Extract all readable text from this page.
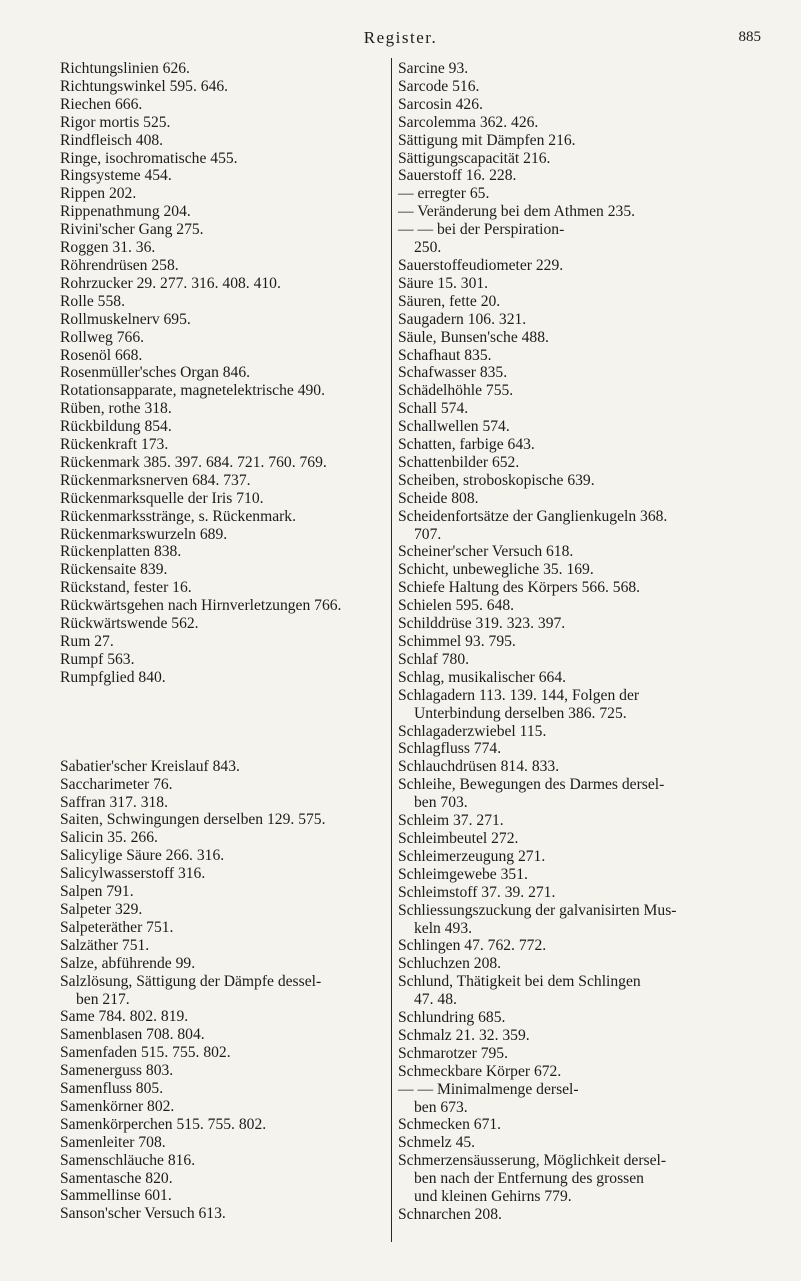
Register.	885
Richtungslinien 626.
Richtungswinkel 595. 646.
Riechen 666.
Rigor mortis 525.
Rindfleisch 408.
Ringe, isochromatische 455.
Ringsysteme 454.
Rippen 202.
Rippenathmung 204.
Rivini'scher Gang 275.
Roggen 31. 36.
Röhrendrüsen 258.
Rohrzucker 29. 277. 316. 408. 410.
Rolle 558.
Rollmuskelnerv 695.
Rollweg 766.
Rosenöl 668.
Rosenmüller'sches Organ 846.
Rotationsapparate, magnetelektrische 490.
Rüben, rothe 318.
Rückbildung 854.
Rückenkraft 173.
Rückenmark 385. 397. 684. 721. 760. 769.
Rückenmarksnerven 684. 737.
Rückenmarksquelle der Iris 710.
Rückenmarksstränge, s. Rückenmark.
Rückenmarkswurzeln 689.
Rückenplatten 838.
Rückensaite 839.
Rückstand, fester 16.
Rückwärtsgehen nach Hirnverletzungen 766.
Rückwärtswende 562.
Rum 27.
Rumpf 563.
Rumpfglied 840.
Sabatier'scher Kreislauf 843.
Saccharimeter 76.
Saffran 317. 318.
Saiten, Schwingungen derselben 129. 575.
Salicin 35. 266.
Salicylige Säure 266. 316.
Salicylwasserstoff 316.
Salpen 791.
Salpeter 329.
Salpeteräther 751.
Salzäther 751.
Salze, abführende 99.
Salzlösung, Sättigung der Dämpfe dessel-
ben 217.
Same 784. 802. 819.
Samenblasen 708. 804.
Samenfaden 515. 755. 802.
Samenerguss 803.
Samenfluss 805.
Samenkörner 802.
Samenkörperchen 515. 755. 802.
Samenleiter 708.
Samenschläuche 816.
Samentasche 820.
Sammellinse 601.
Sanson'scher Versuch 613.
Sarcine 93.
Sarcode 516.
Sarcosin 426.
Sarcolemma 362. 426.
Sättigung mit Dämpfen 216.
Sättigungscapacität 216.
Sauerstoff 16. 228.
— erregter 65.
— Veränderung bei dem Athmen 235.
— — bei der Perspiration-
250.
Sauerstoffeudiometer 229.
Säure 15. 301.
Säuren, fette 20.
Saugadern 106. 321.
Säule, Bunsen'sche 488.
Schafhaut 835.
Schafwasser 835.
Schädelhöhle 755.
Schall 574.
Schallwellen 574.
Schatten, farbige 643.
Schattenbilder 652.
Scheiben, stroboskopische 639.
Scheide 808.
Scheidenfortsätze der Ganglienkugeln 368.
707.
Scheiner'scher Versuch 618.
Schicht, unbewegliche 35. 169.
Schiefe Haltung des Körpers 566. 568.
Schielen 595. 648.
Schilddrüse 319. 323. 397.
Schimmel 93. 795.
Schlaf 780.
Schlag, musikalischer 664.
Schlagadern 113. 139. 144, Folgen der
Unterbindung derselben 386. 725.
Schlagaderzwiebel 115.
Schlagfluss 774.
Schlauchdrüsen 814. 833.
Schleihe, Bewegungen des Darmes dersel-
ben 703.
Schleim 37. 271.
Schleimbeutel 272.
Schleimerzeugung 271.
Schleimgewebe 351.
Schleimstoff 37. 39. 271.
Schliessungszuckung der galvanisirten Mus-
keln 493.
Schlingen 47. 762. 772.
Schluchzen 208.
Schlund, Thätigkeit bei dem Schlingen
47. 48.
Schlundring 685.
Schmalz 21. 32. 359.
Schmarotzer 795.
Schmeckbare Körper 672.
— — Minimalmenge dersel-
ben 673.
Schmecken 671.
Schmelz 45.
Schmerzensäusserung, Möglichkeit dersel-
ben nach der Entfernung des grossen
und kleinen Gehirns 779.
Schnarchen 208.
